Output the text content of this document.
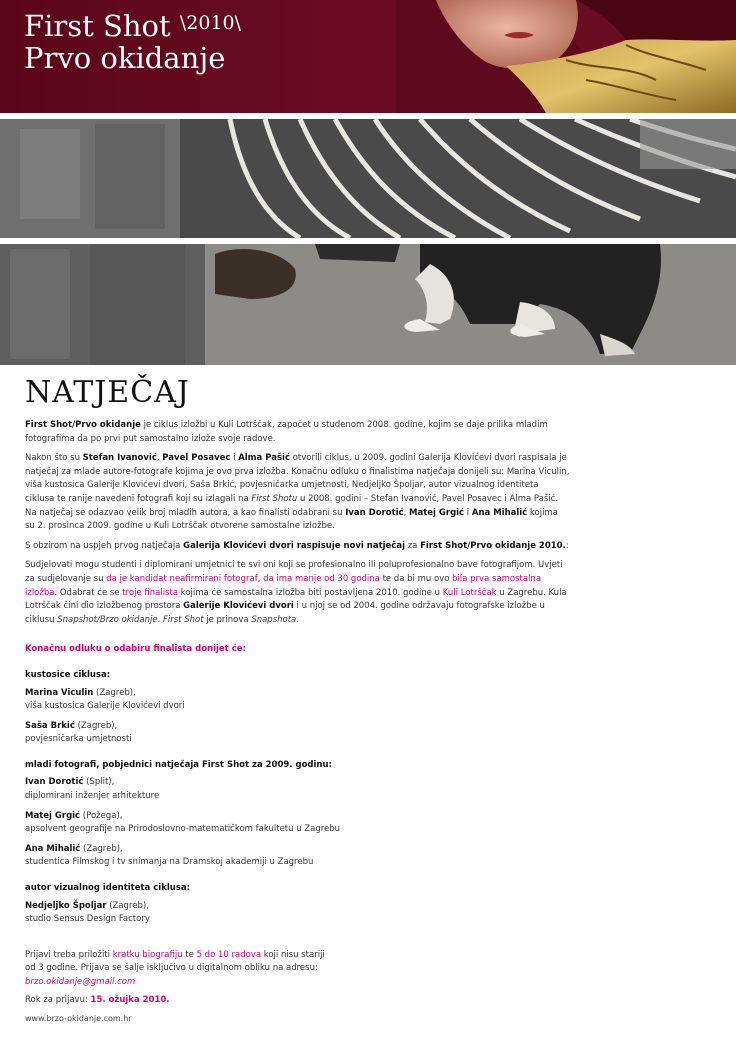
First Shot $^{\backslash 2010\backslash}$
Prvo okidanje
NATJEČAJ

First Shot/Prvo okidanje je ciklus izložbi u Kuli Lotrščak, započet u studenom 2008. godine, kojim se daje prilika mladim fotografima da po prvi put samostalno izlože svoje radove.

Nakon što su Stefan Ivanović, Pavel Posavec i Alma Pašić otvorili ciklus, u 2009. godini Galerija Klovićevi dvori raspisala je natječaj za mlade autore-fotografe kojima je ovo prva izložba. Konačnu odluku o finalistima natječaja donijeli su: Marina Viculin, viša kustosica Galerije Klovićevi dvori, Saša Brkić, povjesničarka umjetnosti, Nedjeljko Špoljar, autor vizualnog identiteta ciklusa te ranije navedeni fotografi koji su izlagali na First Shotu u 2008. godini – Stefan Ivanović, Pavel Posavec i Alma Pašić. Na natječaj se odazvao velik broj mladih autora, a kao finalisti odabrani su Ivan Dorotić, Matej Grgić i Ana Mihalić kojima su 2. prosinca 2009. godine u Kuli Lotrščak otvorene samostalne izložbe.

S obzirom na uspjeh prvog natječaja Galerija Klovićevi dvori raspisuje novi natječaj za First Shot/Prvo okidanje 2010.:

Sudjelovati mogu studenti i diplomirani umjetnici te svi oni koji se profesionalno ili poluprofesionalno bave fotografijom. Uvjeti za sudjelovanje su da je kandidat neafirmirani fotograf, da ima manje od 30 godina te da bi mu ovo bila prva samostalna izložba. Odabrat će se troje finalista kojima će samostalna izložba biti postavljena 2010. godine u Kuli Lotrščak u Zagrebu. Kula Lotrščak čini dio izložbenog prostora Galerije Klovićevi dvori i u njoj se od 2004. godine održavaju fotografske izložbe u ciklusu Snapshot/Brzo okidanje. First Shot je prinova Snapshota.

Konačnu odluku o odabiru finalista donijet će:

kustosice ciklusa:

Marina Viculin (Zagreb),
viša kustosica Galerije Klovićevi dvori

Saša Brkić (Zagreb),
povjesničarka umjetnosti

mladi fotografi, pobjednici natječaja First Shot za 2009. godinu:

Ivan Dorotić (Split),
diplomirani inženjer arhitekture

Matej Grgić (Požega),
apsolvent geografije na Prirodoslovno-matematičkom fakultetu u Zagrebu

Ana Mihalić (Zagreb),
studentica Filmskog i tv snimanja na Dramskoj akademiji u Zagrebu

autor vizualnog identiteta ciklusa:

Nedjeljko Špoljar (Zagreb),
studio Sensus Design Factory

Prijavi treba priložiti kratku biografiju te 5 do 10 radova koji nisu stariji
od 3 godine. Prijava se šalje isključivo u digitalnom obliku na adresu:
brzo.okidanje@gmail.com

Rok za prijavu: 15. ožujka 2010.

www.brzo-okidanje.com.hr
